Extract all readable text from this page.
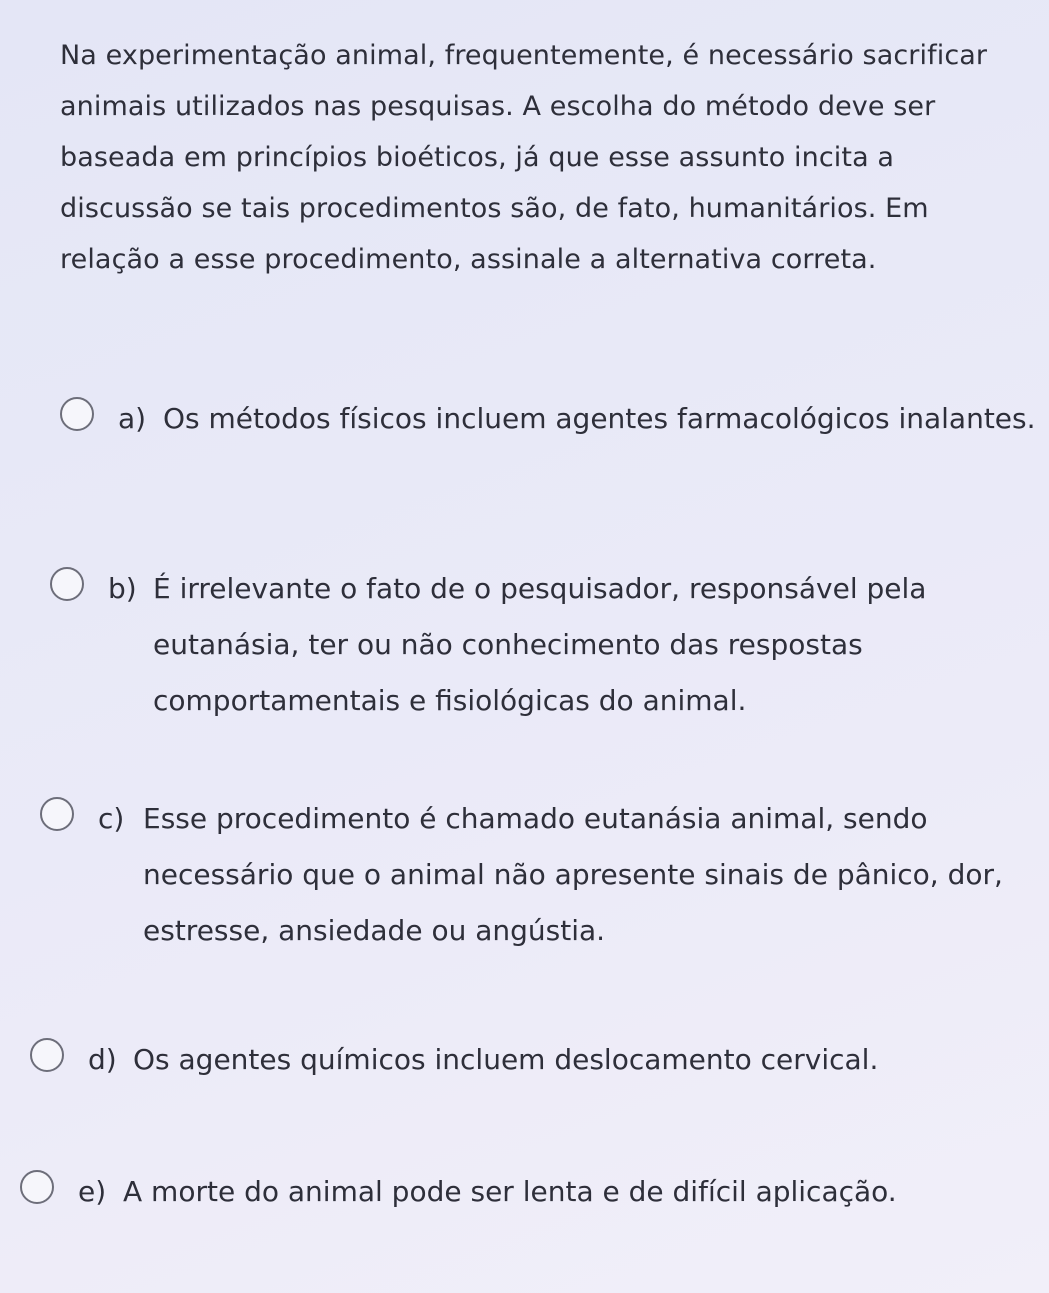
Na experimentação animal, frequentemente, é necessário sacrificar animais utilizados nas pesquisas. A escolha do método deve ser baseada em princípios bioéticos, já que esse assunto incita a discussão se tais procedimentos são, de fato, humanitários. Em relação a esse procedimento, assinale a alternativa correta.

a) Os métodos físicos incluem agentes farmacológicos inalantes.

b) É irrelevante o fato de o pesquisador, responsável pela eutanásia, ter ou não conhecimento das respostas comportamentais e fisiológicas do animal.

c) Esse procedimento é chamado eutanásia animal, sendo necessário que o animal não apresente sinais de pânico, dor, estresse, ansiedade ou angústia.

d) Os agentes químicos incluem deslocamento cervical.

e) A morte do animal pode ser lenta e de difícil aplicação.
